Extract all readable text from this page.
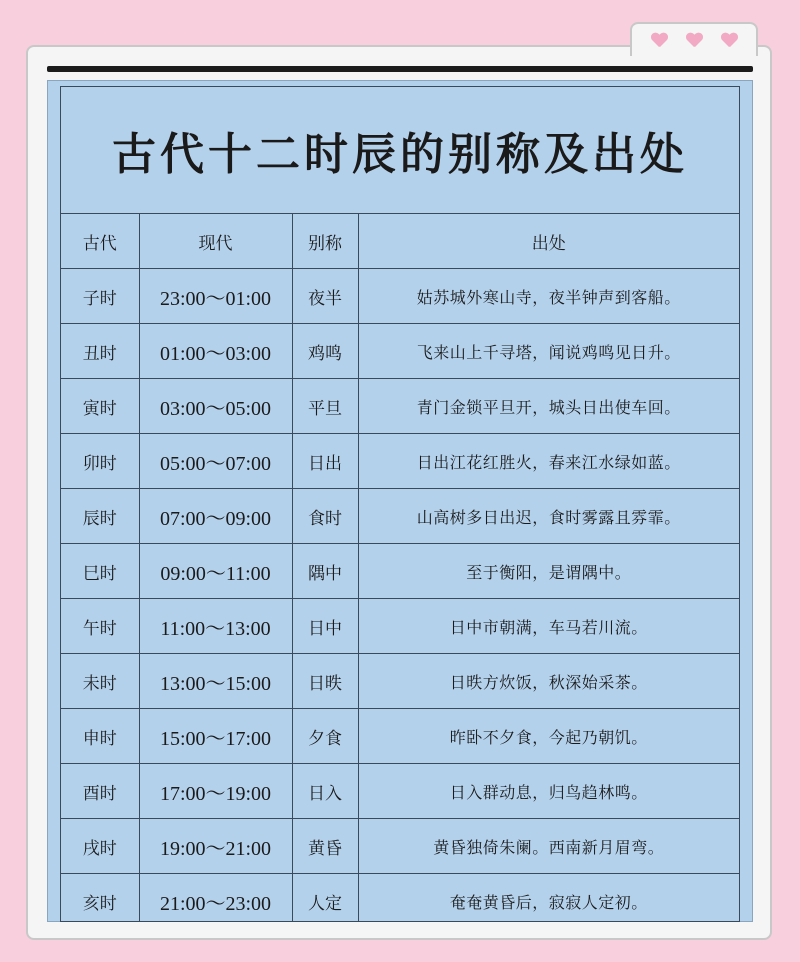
古代十二时辰的别称及出处
古代	现代	别称	出处
子时	23:00～01:00	夜半	姑苏城外寒山寺，夜半钟声到客船。
丑时	01:00～03:00	鸡鸣	飞来山上千寻塔，闻说鸡鸣见日升。
寅时	03:00～05:00	平旦	青门金锁平旦开，城头日出使车回。
卯时	05:00～07:00	日出	日出江花红胜火，春来江水绿如蓝。
辰时	07:00～09:00	食时	山高树多日出迟，食时雾露且雰霏。
巳时	09:00～11:00	隅中	至于衡阳，是谓隅中。
午时	11:00～13:00	日中	日中市朝满，车马若川流。
未时	13:00～15:00	日昳	日昳方炊饭，秋深始采茶。
申时	15:00～17:00	夕食	昨卧不夕食，今起乃朝饥。
酉时	17:00～19:00	日入	日入群动息，归鸟趋林鸣。
戌时	19:00～21:00	黄昏	黄昏独倚朱阑。西南新月眉弯。
亥时	21:00～23:00	人定	奄奄黄昏后，寂寂人定初。
